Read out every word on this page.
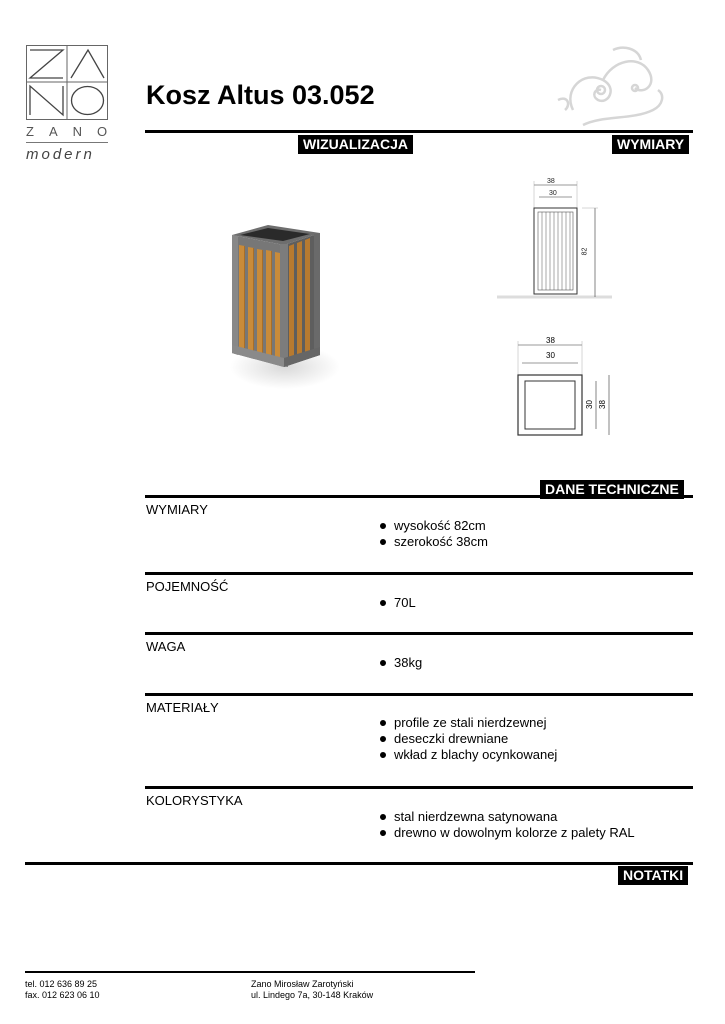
ZANO
modern
Kosz Altus 03.052
WIZUALIZACJA	WYMIARY
38
30
82
38
30
30 38
DANE TECHNICZNE
WYMIARY
wysokość 82cm
szerokość 38cm
POJEMNOŚĆ
70L
WAGA
38kg
MATERIAŁY
profile ze stali nierdzewnej
deseczki drewniane
wkład z blachy ocynkowanej
KOLORYSTYKA
stal nierdzewna satynowana
drewno w dowolnym kolorze z palety RAL
NOTATKI
tel. 012 636 89 25
fax. 012 623 06 10
Zano Mirosław Zarotyński
ul. Lindego 7a, 30-148 Kraków
